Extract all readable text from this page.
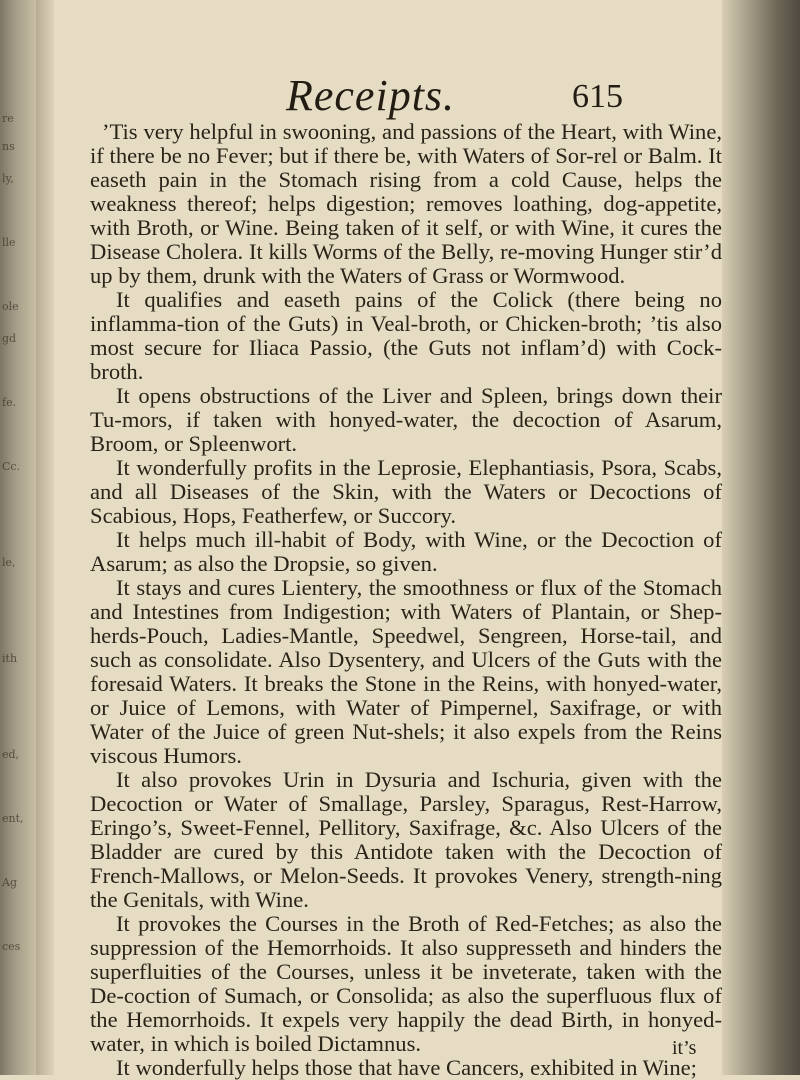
re
ns
ly,
lle
ole
gd
fe.
Cc.
le,
ith
ed,
ent,
Ag
ces
Receipts.	615

’Tis very helpful in swooning, and passions of the Heart, with Wine, if there be no Fever; but if there be, with Waters of Sor-rel or Balm. It easeth pain in the Stomach rising from a cold Cause, helps the weakness thereof; helps digestion; removes loathing, dog-appetite, with Broth, or Wine. Being taken of it self, or with Wine, it cures the Disease Cholera. It kills Worms of the Belly, re-moving Hunger stir’d up by them, drunk with the Waters of Grass or Wormwood.

It qualifies and easeth pains of the Colick (there being no inflamma-tion of the Guts) in Veal-broth, or Chicken-broth; ’tis also most secure for Iliaca Passio, (the Guts not inflam’d) with Cock-broth.

It opens obstructions of the Liver and Spleen, brings down their Tu-mors, if taken with honyed-water, the decoction of Asarum, Broom, or Spleenwort.

It wonderfully profits in the Leprosie, Elephantiasis, Psora, Scabs, and all Diseases of the Skin, with the Waters or Decoctions of Scabious, Hops, Featherfew, or Succory.

It helps much ill-habit of Body, with Wine, or the Decoction of Asarum; as also the Dropsie, so given.

It stays and cures Lientery, the smoothness or flux of the Stomach and Intestines from Indigestion; with Waters of Plantain, or Shep-herds-Pouch, Ladies-Mantle, Speedwel, Sengreen, Horse-tail, and such as consolidate. Also Dysentery, and Ulcers of the Guts with the foresaid Waters. It breaks the Stone in the Reins, with honyed-water, or Juice of Lemons, with Water of Pimpernel, Saxifrage, or with Water of the Juice of green Nut-shels; it also expels from the Reins viscous Humors.

It also provokes Urin in Dysuria and Ischuria, given with the Decoction or Water of Smallage, Parsley, Sparagus, Rest-Harrow, Eringo’s, Sweet-Fennel, Pellitory, Saxifrage, &c. Also Ulcers of the Bladder are cured by this Antidote taken with the Decoction of French-Mallows, or Melon-Seeds. It provokes Venery, strength-ning the Genitals, with Wine.

It provokes the Courses in the Broth of Red-Fetches; as also the suppression of the Hemorrhoids. It also suppresseth and hinders the superfluities of the Courses, unless it be inveterate, taken with the De-coction of Sumach, or Consolida; as also the superfluous flux of the Hemorrhoids. It expels very happily the dead Birth, in honyed-water, in which is boiled Dictamnus.

It wonderfully helps those that have Cancers, exhibited in Wine;

it’s
